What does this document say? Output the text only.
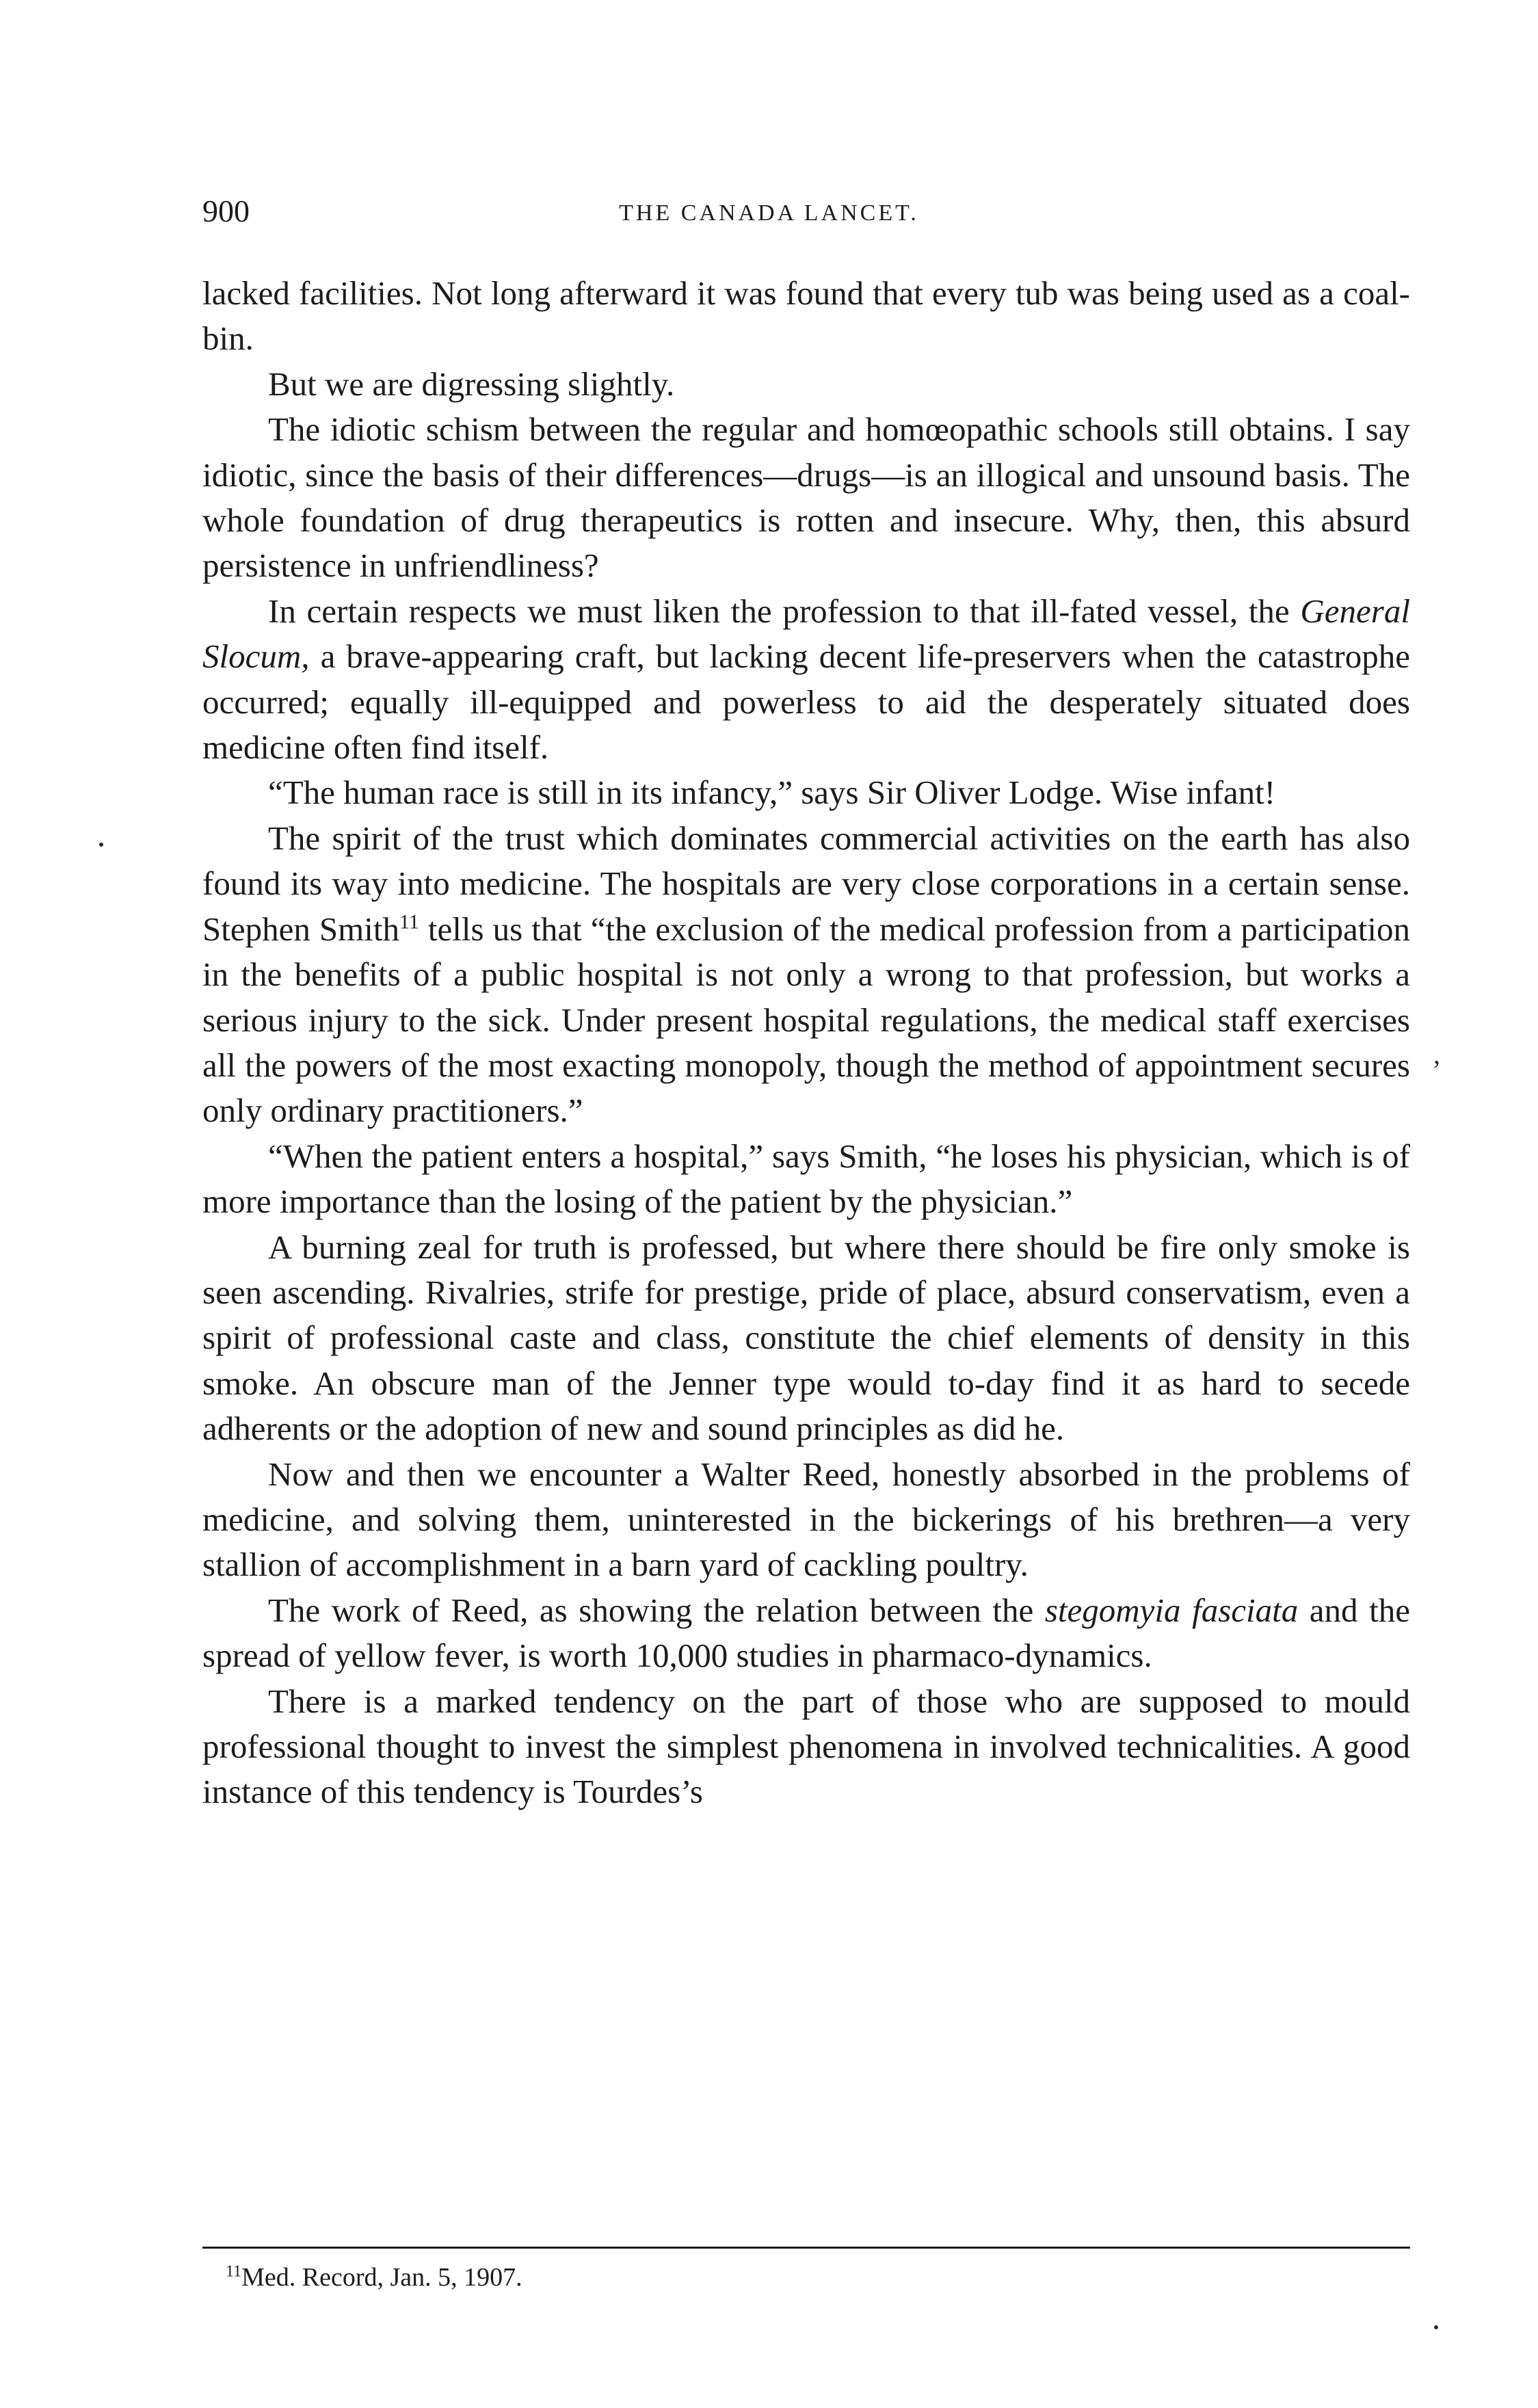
900	THE CANADA LANCET.

lacked facilities. Not long afterward it was found that every tub was being used as a coal-bin.

But we are digressing slightly.

The idiotic schism between the regular and homœopathic schools still obtains. I say idiotic, since the basis of their differences—drugs—is an illogical and unsound basis. The whole foundation of drug therapeutics is rotten and insecure. Why, then, this absurd persistence in unfriendliness?

In certain respects we must liken the profession to that ill-fated vessel, the General Slocum, a brave-appearing craft, but lacking decent life-preservers when the catastrophe occurred; equally ill-equipped and powerless to aid the desperately situated does medicine often find itself.

“The human race is still in its infancy,” says Sir Oliver Lodge. Wise infant!

The spirit of the trust which dominates commercial activities on the earth has also found its way into medicine. The hospitals are very close corporations in a certain sense. Stephen Smith$^{11}$ tells us that “the exclusion of the medical profession from a participation in the benefits of a public hospital is not only a wrong to that profession, but works a serious injury to the sick. Under present hospital regulations, the medical staff exercises all the powers of the most exacting monopoly, though the method of appointment secures only ordinary practitioners.”

“When the patient enters a hospital,” says Smith, “he loses his physician, which is of more importance than the losing of the patient by the physician.”

A burning zeal for truth is professed, but where there should be fire only smoke is seen ascending. Rivalries, strife for prestige, pride of place, absurd conservatism, even a spirit of professional caste and class, constitute the chief elements of density in this smoke. An obscure man of the Jenner type would to-day find it as hard to secede adherents or the adoption of new and sound principles as did he.

Now and then we encounter a Walter Reed, honestly absorbed in the problems of medicine, and solving them, uninterested in the bickerings of his brethren—a very stallion of accomplishment in a barn yard of cackling poultry.

The work of Reed, as showing the relation between the stegomyia fasciata and the spread of yellow fever, is worth 10,000 studies in pharmaco-dynamics.

There is a marked tendency on the part of those who are supposed to mould professional thought to invest the simplest phenomena in involved technicalities. A good instance of this tendency is Tourdes’s

$^{11}$Med. Record, Jan. 5, 1907.
ʼ
